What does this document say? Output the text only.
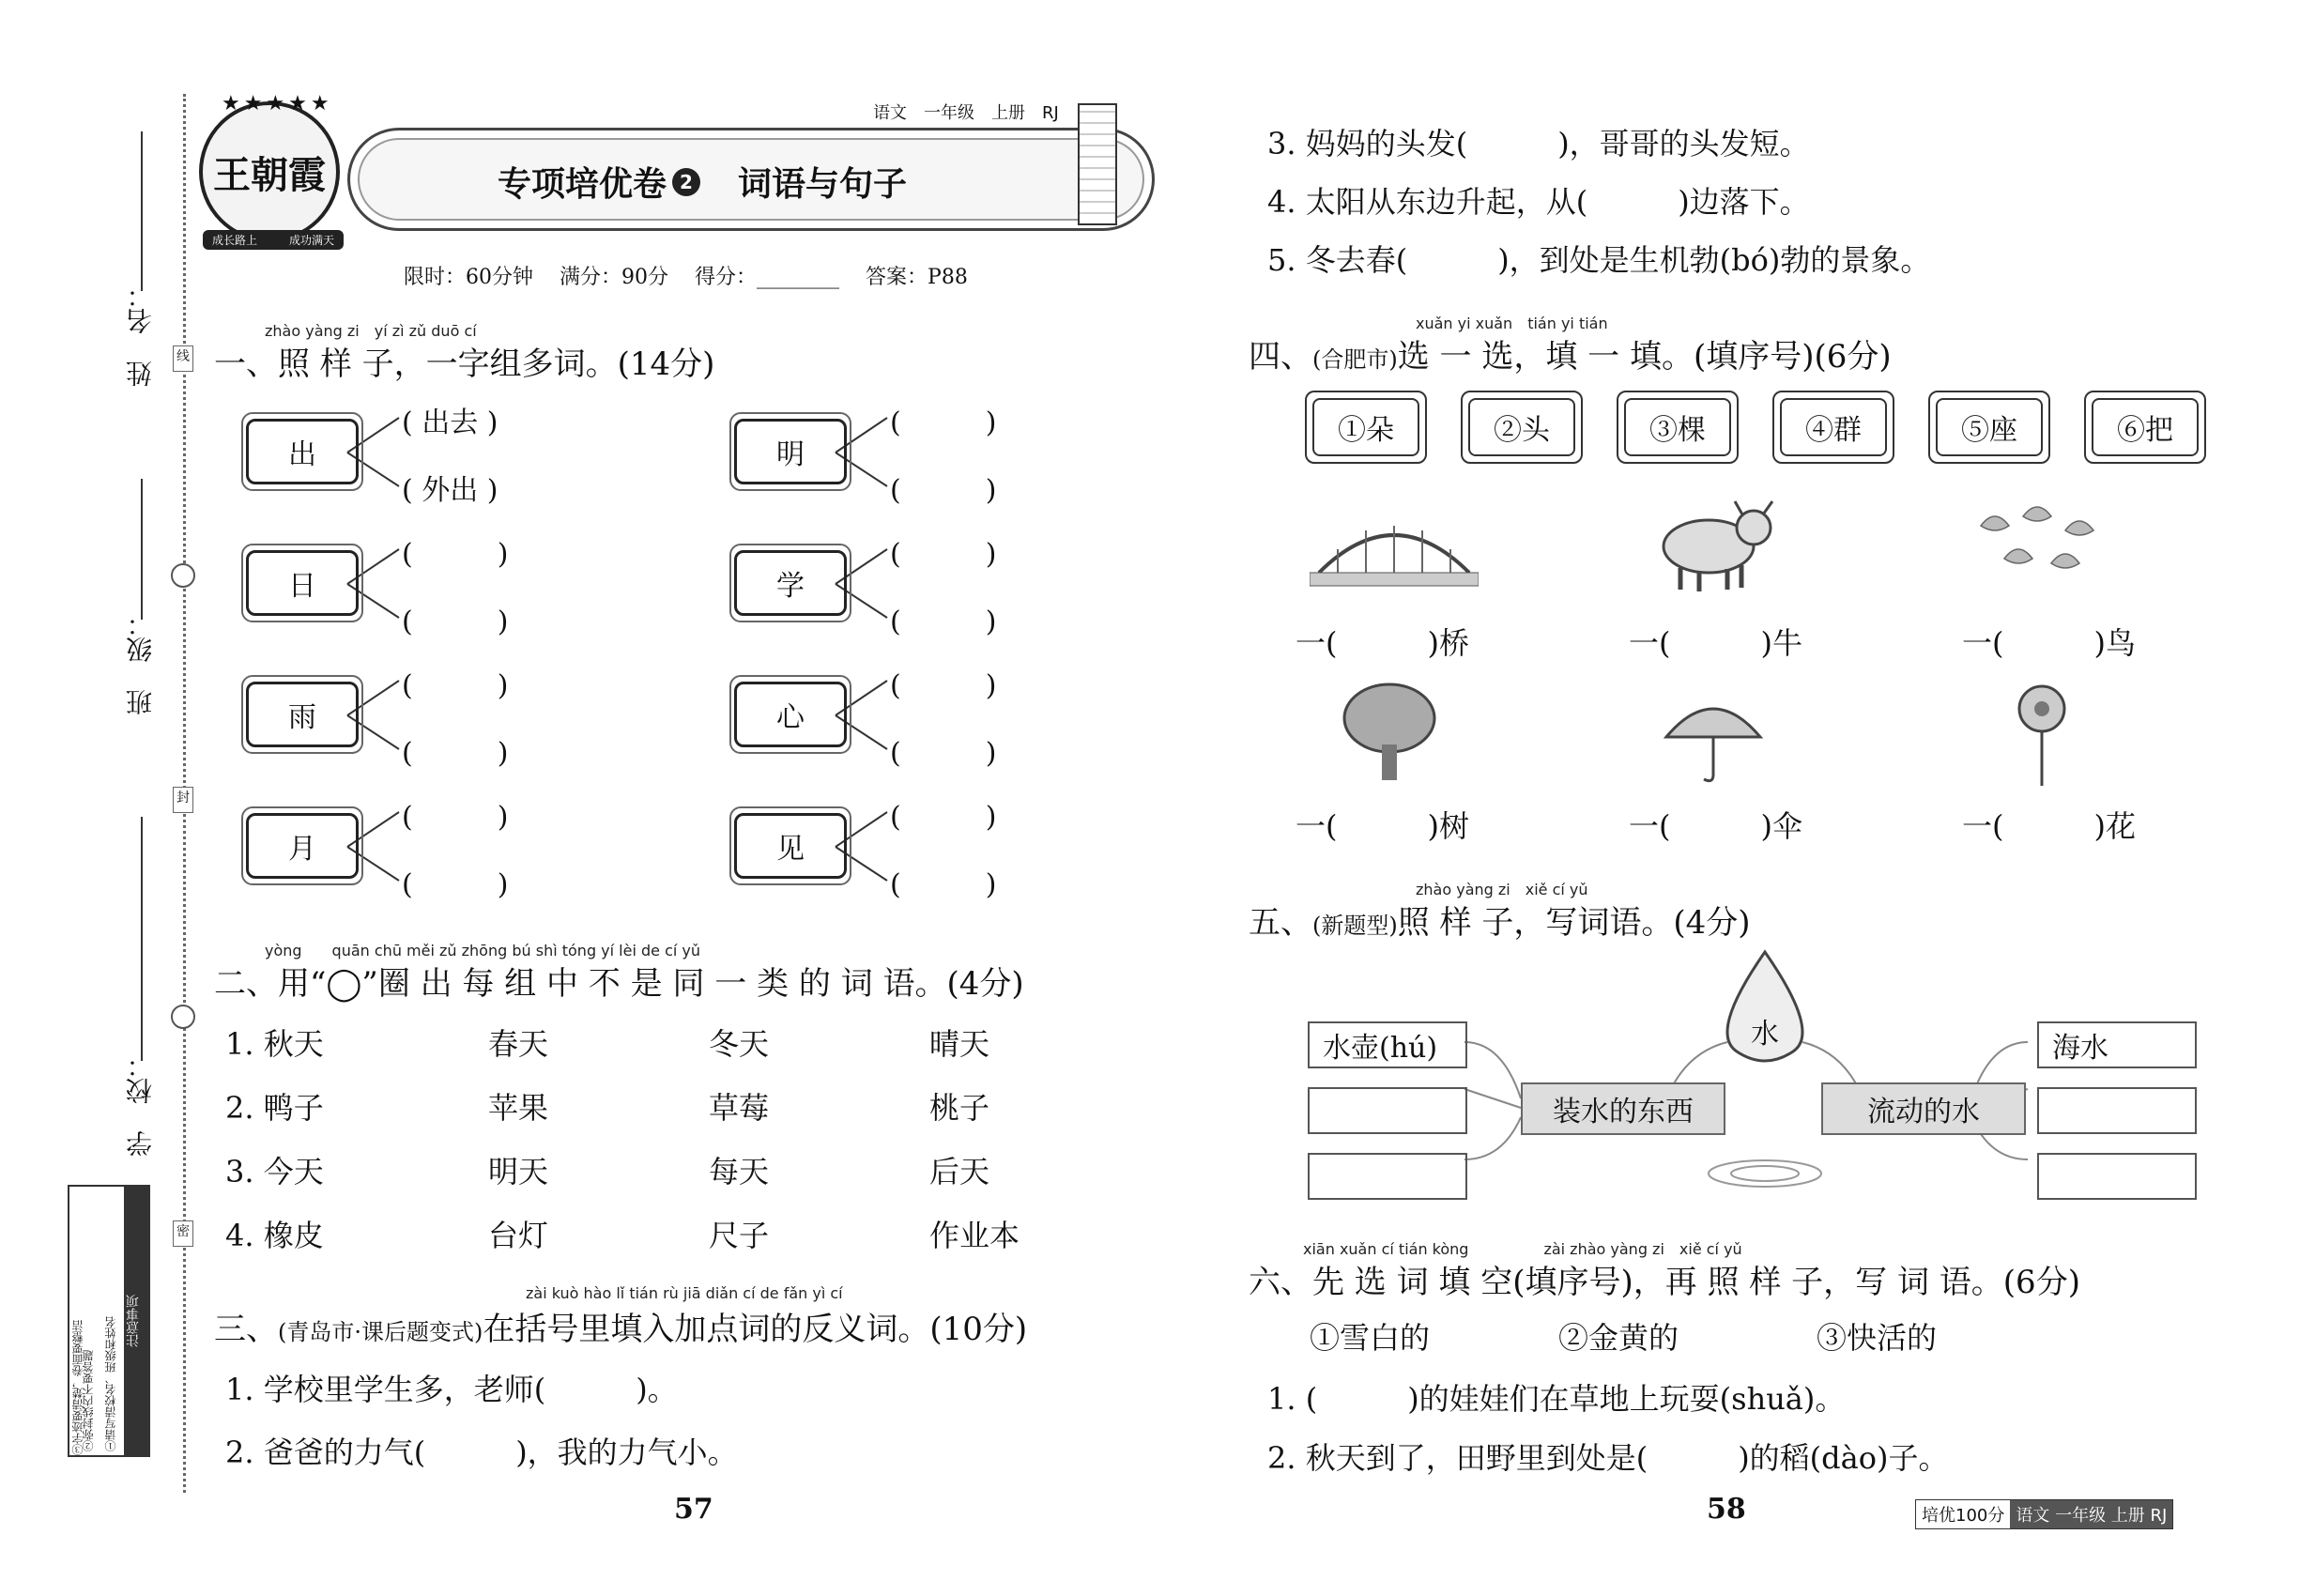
姓　名：
班　级：
学　校：
线
封
密
注意事项
①请写清校名、班级和姓名
②弥封线内不要答题
③字迹要清楚，卷面要整洁
★★★★★
王朝霞
成长路上	成功满天
语文　一年级　上册　RJ
专项培优卷 2 词语与句子
限时：60分钟 满分：90分 得分：________ 答案：P88
zhào yàng zi　yí zì zǔ duō cí
一、照 样 子，一字组多词。(14分)
出
( 出去 )
( 外出 )
明
(　　　)
(　　　)
日
(　　　)
(　　　)
学
(　　　)
(　　　)
雨
(　　　)
(　　　)
心
(　　　)
(　　　)
月
(　　　)
(　　　)
见
(　　　)
(　　　)
yòng　　quān chū měi zǔ zhōng bú shì tóng yí lèi de cí yǔ
二、用“◯”圈 出 每 组 中 不 是 同 一 类 的 词 语。(4分)
1. 秋天	春天	冬天	晴天
2. 鸭子	苹果	草莓	桃子
3. 今天	明天	每天	后天
4. 橡皮	台灯	尺子	作业本
zài kuò hào lǐ tián rù jiā diǎn cí de fǎn yì cí
三、(青岛市·课后题变式)在括号里填入加点词的反义词。(10分)
1. 学校里学生多，老师(　　　)。
2. 爸爸的力气(　　　)，我的力气小。
3. 妈妈的头发(　　　)，哥哥的头发短。
4. 太阳从东边升起，从(　　　)边落下。
5. 冬去春(　　　)，到处是生机勃(bó)勃的景象。
xuǎn yi xuǎn　tián yi tián
四、(合肥市)选 一 选，填 一 填。(填序号)(6分)
①朵	②头	③棵	④群	⑤座	⑥把
一(　　　)桥	一(　　　)牛	一(　　　)鸟
一(　　　)树	一(　　　)伞	一(　　　)花
zhào yàng zi　xiě cí yǔ
五、(新题型)照 样 子，写词语。(4分)
水
装水的东西	流动的水
水壶(hú)	海水
xiān xuǎn cí tián kòng　　　　　zài zhào yàng zi　xiě cí yǔ
六、先 选 词 填 空(填序号)，再 照 样 子，写 词 语。(6分)
①雪白的	②金黄的	③快活的
1. (　　　)的娃娃们在草地上玩耍(shuǎ)。
2. 秋天到了，田野里到处是(　　　)的稻(dào)子。
57	58	培优100分 语文 一年级 上册 RJ
